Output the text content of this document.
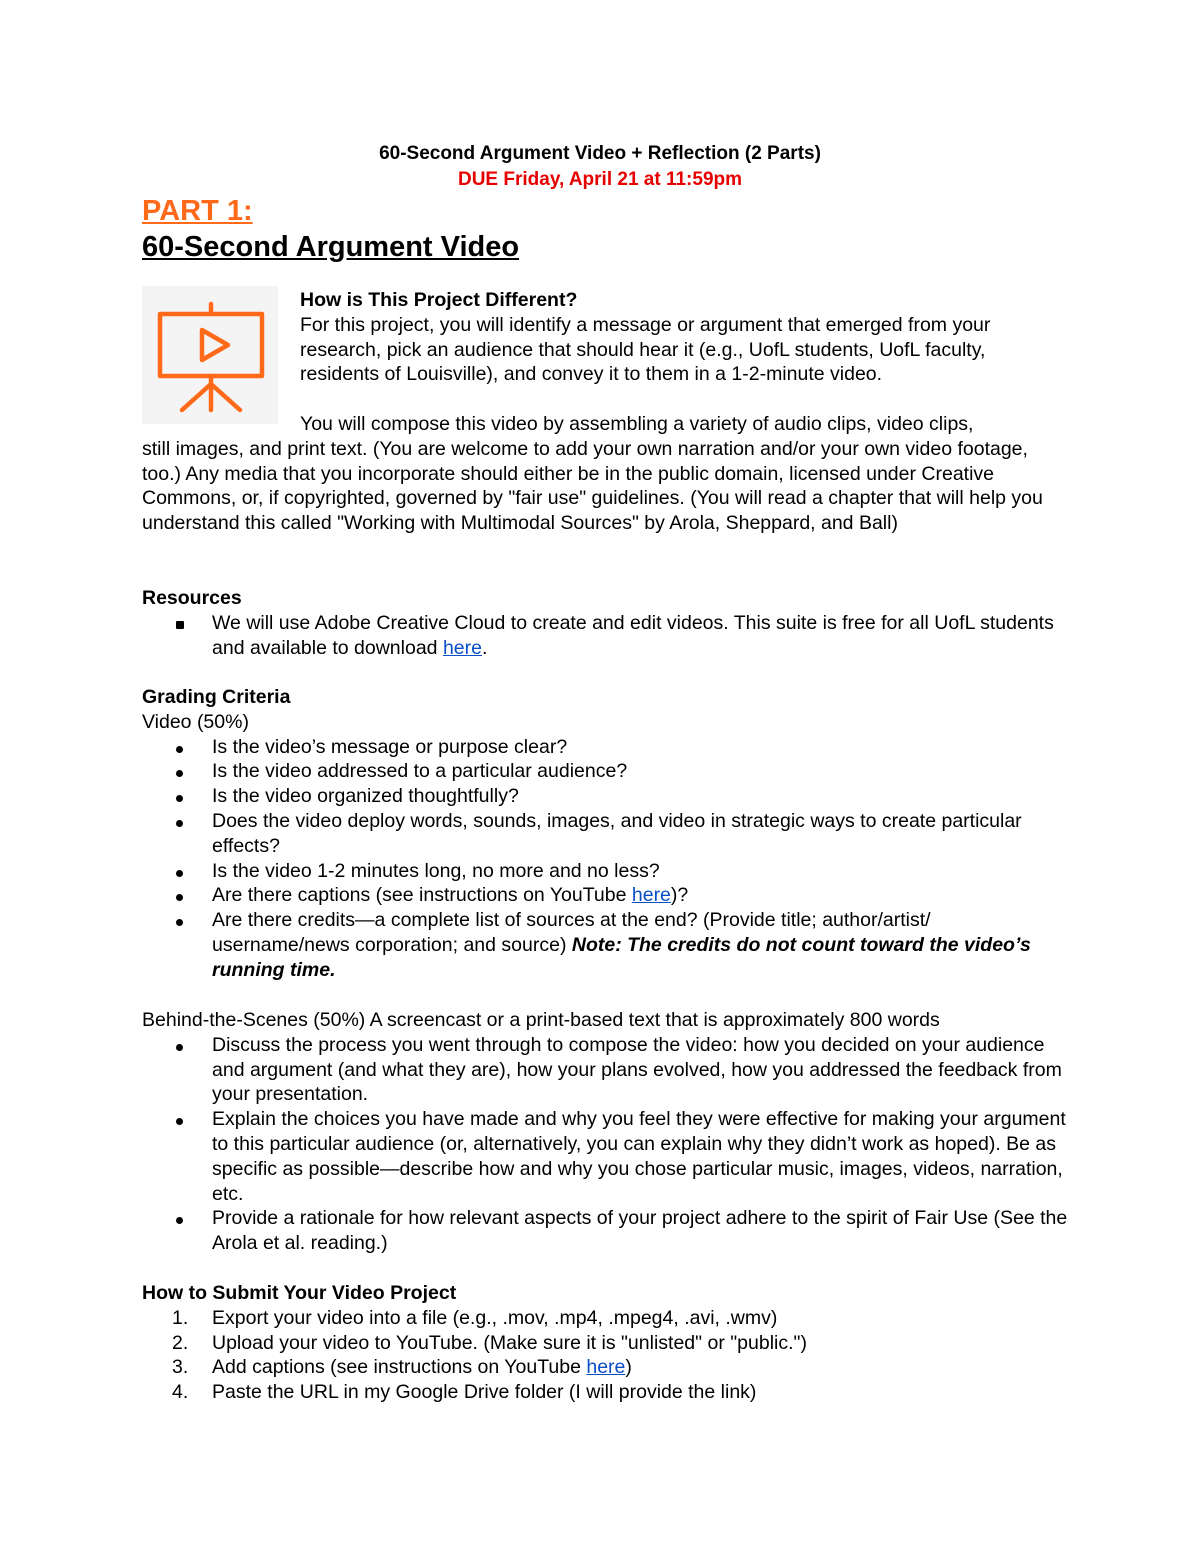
60-Second Argument Video + Reflection (2 Parts)
DUE Friday, April 21 at 11:59pm
PART 1:
60-Second Argument Video
How is This Project Different?

For this project, you will identify a message or argument that emerged from your research, pick an audience that should hear it (e.g., UofL students, UofL faculty, residents of Louisville), and convey it to them in a 1-2-minute video.

You will compose this video by assembling a variety of audio clips, video clips,

still images, and print text. (You are welcome to add your own narration and/or your own video footage, too.) Any media that you incorporate should either be in the public domain, licensed under Creative Commons, or, if copyrighted, governed by "fair use" guidelines. (You will read a chapter that will help you understand this called "Working with Multimodal Sources" by Arola, Sheppard, and Ball)

Resources
We will use Adobe Creative Cloud to create and edit videos. This suite is free for all UofL students and available to download here.
Grading Criteria
Video (50%)
Is the video’s message or purpose clear?
Is the video addressed to a particular audience?
Is the video organized thoughtfully?
Does the video deploy words, sounds, images, and video in strategic ways to create particular effects?
Is the video 1-2 minutes long, no more and no less?
Are there captions (see instructions on YouTube here)?
Are there credits—a complete list of sources at the end? (Provide title; author/artist/ username/news corporation; and source) Note: The credits do not count toward the video’s running time.
Behind-the-Scenes (50%) A screencast or a print-based text that is approximately 800 words
Discuss the process you went through to compose the video: how you decided on your audience and argument (and what they are), how your plans evolved, how you addressed the feedback from your presentation.
Explain the choices you have made and why you feel they were effective for making your argument to this particular audience (or, alternatively, you can explain why they didn’t work as hoped). Be as specific as possible—describe how and why you chose particular music, images, videos, narration, etc.
Provide a rationale for how relevant aspects of your project adhere to the spirit of Fair Use (See the Arola et al. reading.)
How to Submit Your Video Project
1.	Export your video into a file (e.g., .mov, .mp4, .mpeg4, .avi, .wmv)
2.	Upload your video to YouTube. (Make sure it is "unlisted" or "public.")
3.	Add captions (see instructions on YouTube here)
4.	Paste the URL in my Google Drive folder (I will provide the link)
